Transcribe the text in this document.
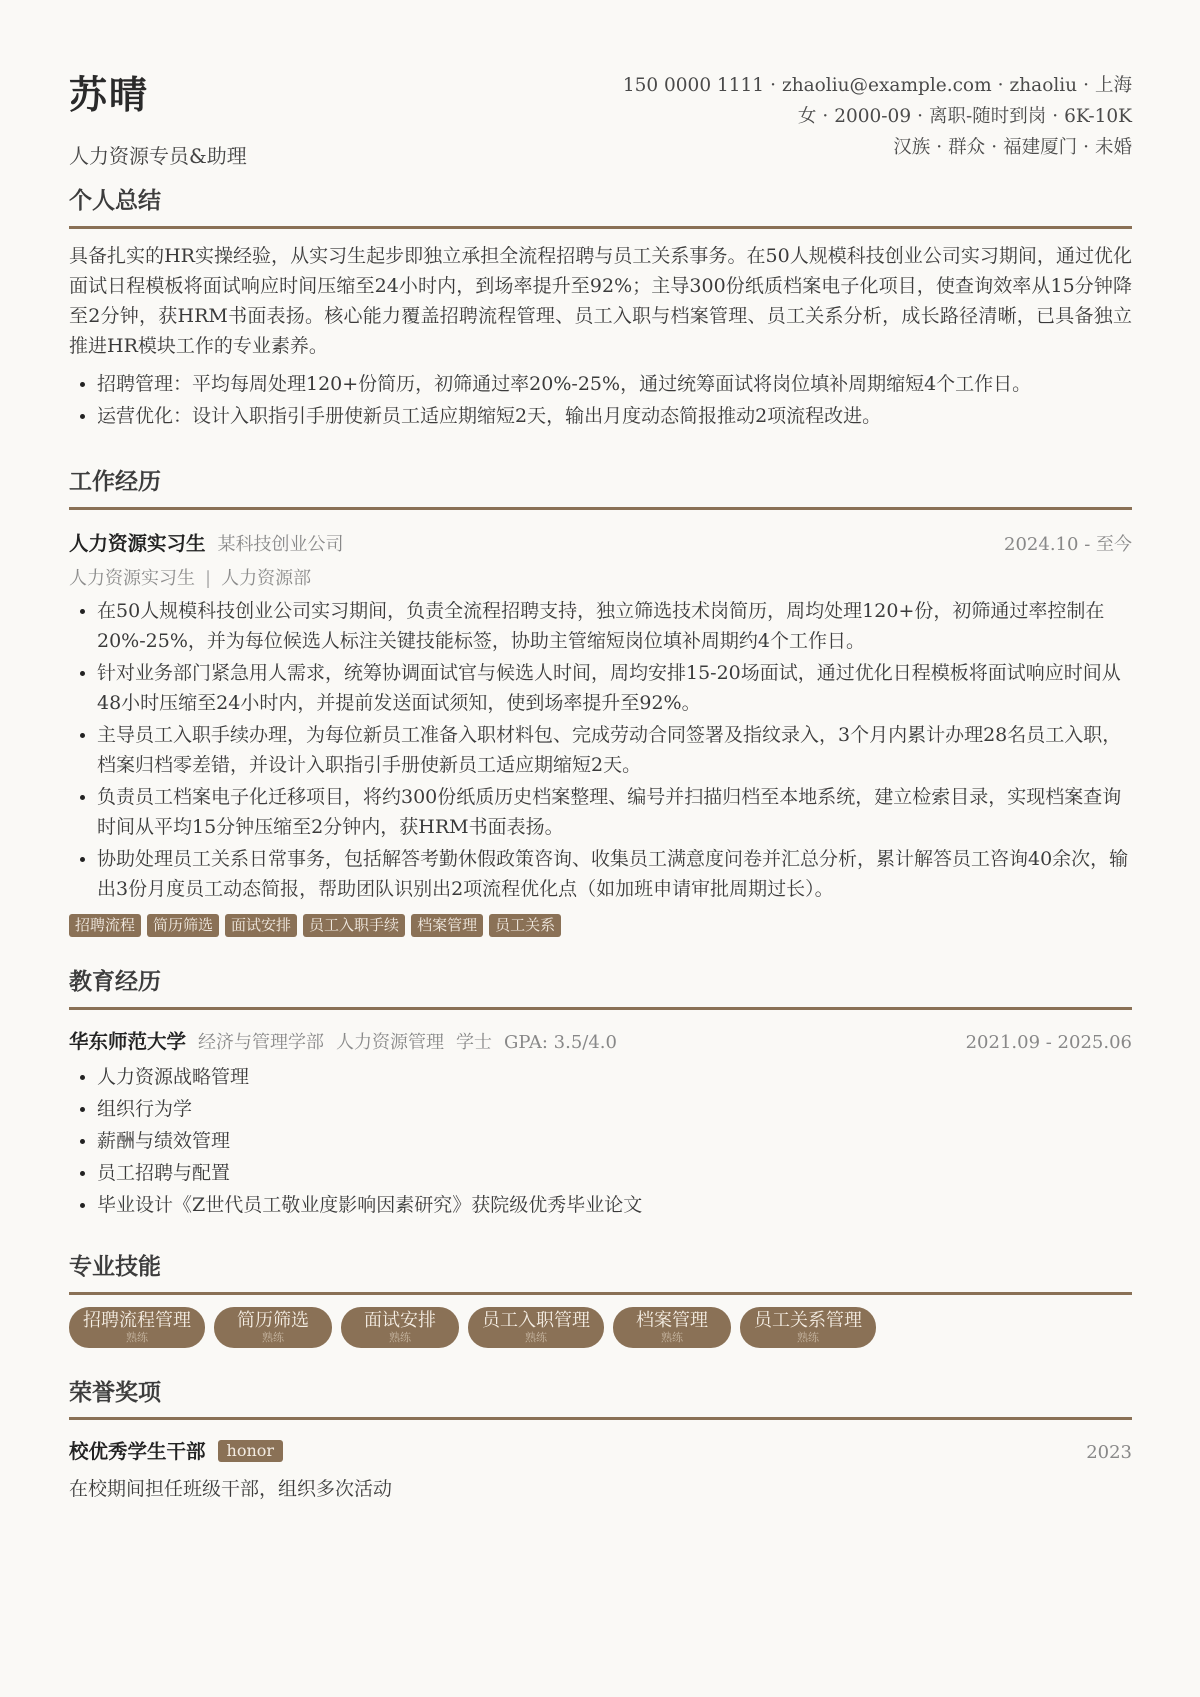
苏晴
人力资源专员&助理
150 0000 1111 · zhaoliu@example.com · zhaoliu · 上海
女 · 2000-09 · 离职-随时到岗 · 6K-10K
汉族 · 群众 · 福建厦门 · 未婚
个人总结

具备扎实的HR实操经验，从实习生起步即独立承担全流程招聘与员工关系事务。在50人规模科技创业公司实习期间，通过优化面试日程模板将面试响应时间压缩至24小时内，到场率提升至92%；主导300份纸质档案电子化项目，使查询效率从15分钟降至2分钟，获HRM书面表扬。核心能力覆盖招聘流程管理、员工入职与档案管理、员工关系分析，成长路径清晰，已具备独立推进HR模块工作的专业素养。

• 招聘管理：平均每周处理120+份简历，初筛通过率20%-25%，通过统筹面试将岗位填补周期缩短4个工作日。
• 运营优化：设计入职指引手册使新员工适应期缩短2天，输出月度动态简报推动2项流程改进。
工作经历
人力资源实习生 某科技创业公司	2024.10 - 至今
人力资源实习生 | 人力资源部
• 在50人规模科技创业公司实习期间，负责全流程招聘支持，独立筛选技术岗简历，周均处理120+份，初筛通过率控制在20%-25%，并为每位候选人标注关键技能标签，协助主管缩短岗位填补周期约4个工作日。
• 针对业务部门紧急用人需求，统筹协调面试官与候选人时间，周均安排15-20场面试，通过优化日程模板将面试响应时间从48小时压缩至24小时内，并提前发送面试须知，使到场率提升至92%。
• 主导员工入职手续办理，为每位新员工准备入职材料包、完成劳动合同签署及指纹录入，3个月内累计办理28名员工入职，档案归档零差错，并设计入职指引手册使新员工适应期缩短2天。
• 负责员工档案电子化迁移项目，将约300份纸质历史档案整理、编号并扫描归档至本地系统，建立检索目录，实现档案查询时间从平均15分钟压缩至2分钟内，获HRM书面表扬。
• 协助处理员工关系日常事务，包括解答考勤休假政策咨询、收集员工满意度问卷并汇总分析，累计解答员工咨询40余次，输出3份月度员工动态简报，帮助团队识别出2项流程优化点（如加班申请审批周期过长）。
招聘流程	简历筛选	面试安排	员工入职手续	档案管理	员工关系
教育经历
华东师范大学 经济与管理学部 人力资源管理 学士 GPA: 3.5/4.0	2021.09 - 2025.06
• 人力资源战略管理
• 组织行为学
• 薪酬与绩效管理
• 员工招聘与配置
• 毕业设计《Z世代员工敬业度影响因素研究》获院级优秀毕业论文
专业技能
招聘流程管理
熟练
简历筛选
熟练
面试安排
熟练
员工入职管理
熟练
档案管理
熟练
员工关系管理
熟练
荣誉奖项
校优秀学生干部 honor	2023
在校期间担任班级干部，组织多次活动
